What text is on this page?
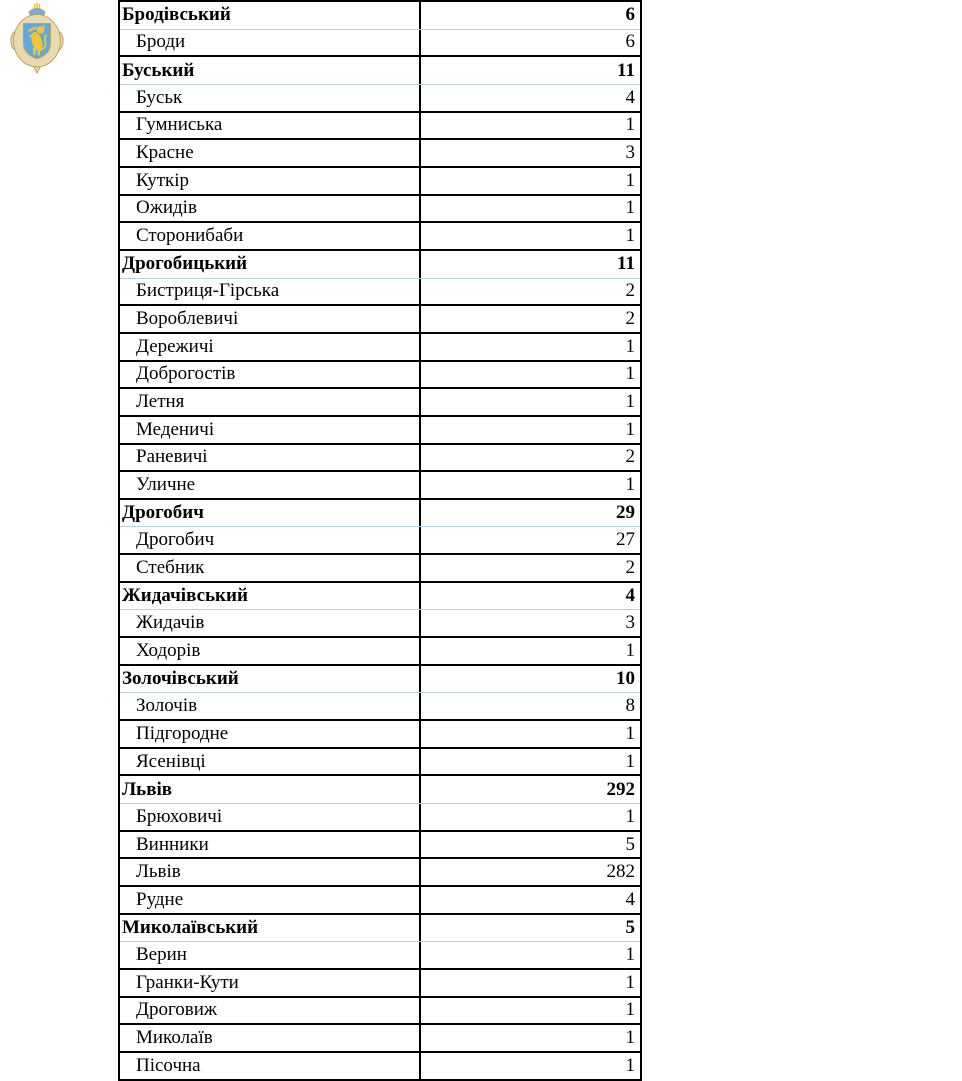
Бродівський	6
Броди	6
Буський	11
Буськ	4
Гумниська	1
Красне	3
Куткір	1
Ожидів	1
Сторонибаби	1
Дрогобицький	11
Бистриця-Гірська	2
Вороблевичі	2
Дережичі	1
Доброгостів	1
Летня	1
Меденичі	1
Раневичі	2
Уличне	1
Дрогобич	29
Дрогобич	27
Стебник	2
Жидачівський	4
Жидачів	3
Ходорів	1
Золочівський	10
Золочів	8
Підгородне	1
Ясенівці	1
Львів	292
Брюховичі	1
Винники	5
Львів	282
Рудне	4
Миколаївський	5
Верин	1
Гранки-Кути	1
Дроговиж	1
Миколаїв	1
Пісочна	1
